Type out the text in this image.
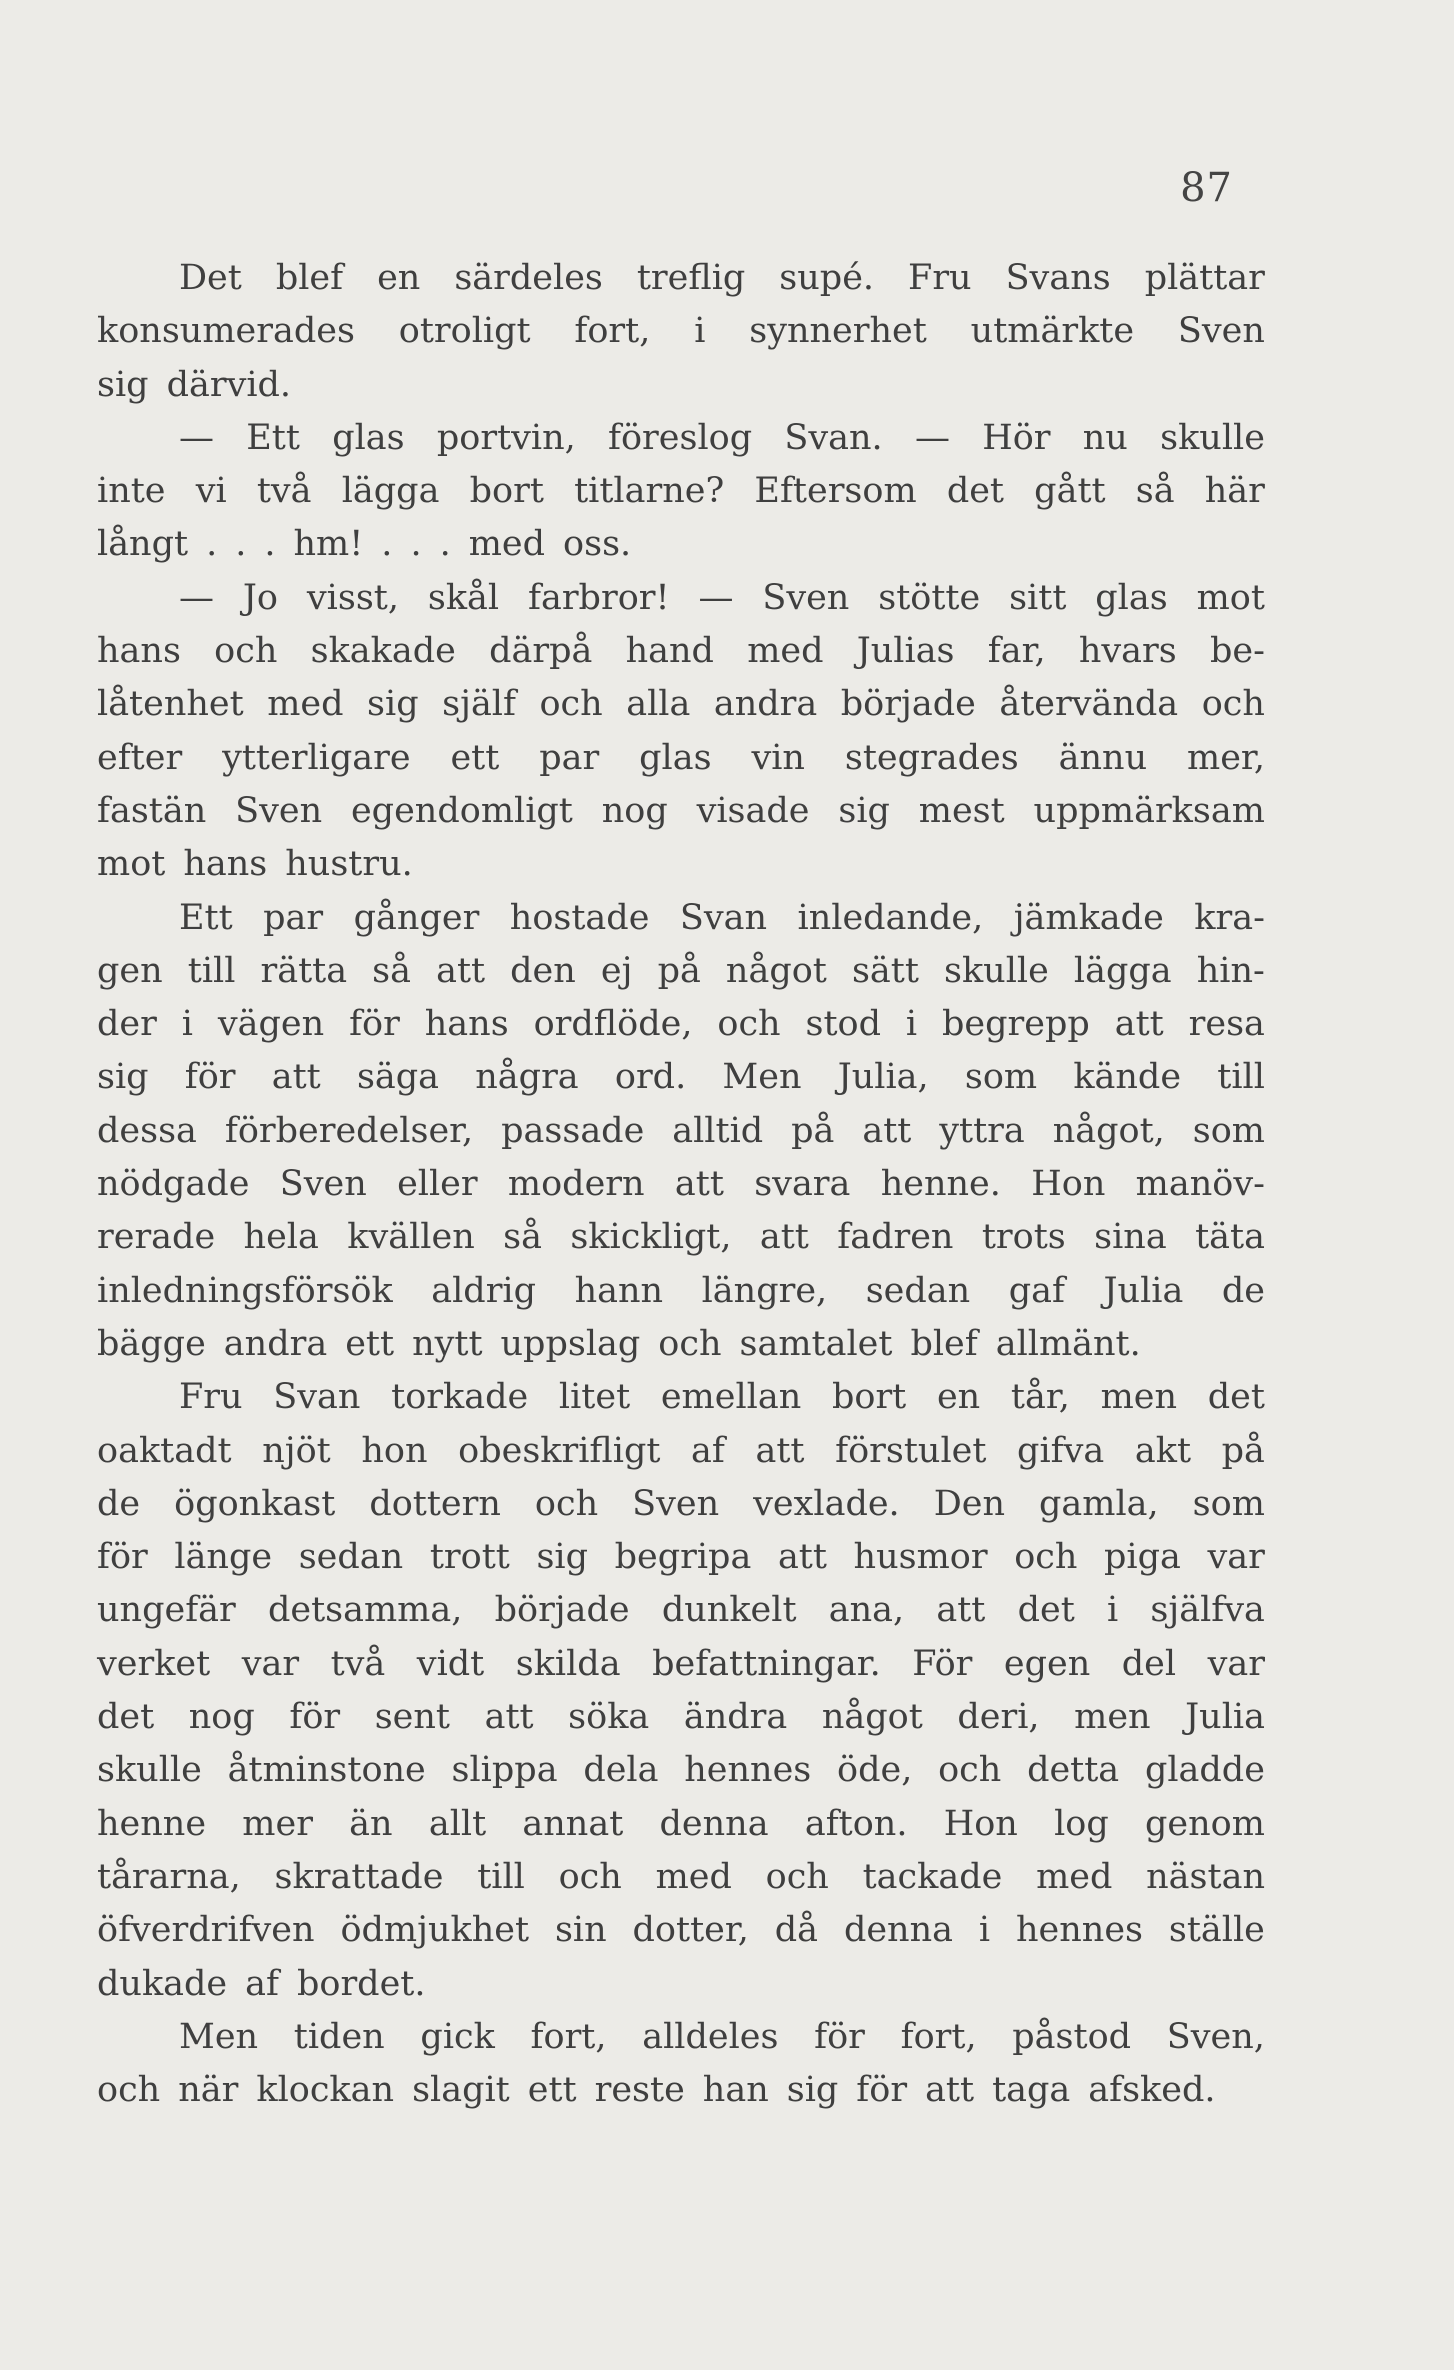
87
Det blef en särdeles treflig supé. Fru Svans plättar
konsumerades otroligt fort, i synnerhet utmärkte Sven
sig därvid.
— Ett glas portvin, föreslog Svan. — Hör nu skulle
inte vi två lägga bort titlarne? Eftersom det gått så här
långt . . . hm! . . . med oss.
— Jo visst, skål farbror! — Sven stötte sitt glas mot
hans och skakade därpå hand med Julias far, hvars be-
låtenhet med sig själf och alla andra började återvända och
efter ytterligare ett par glas vin stegrades ännu mer,
fastän Sven egendomligt nog visade sig mest uppmärksam
mot hans hustru.
Ett par gånger hostade Svan inledande, jämkade kra-
gen till rätta så att den ej på något sätt skulle lägga hin-
der i vägen för hans ordflöde, och stod i begrepp att resa
sig för att säga några ord. Men Julia, som kände till
dessa förberedelser, passade alltid på att yttra något, som
nödgade Sven eller modern att svara henne. Hon manöv-
rerade hela kvällen så skickligt, att fadren trots sina täta
inledningsförsök aldrig hann längre, sedan gaf Julia de
bägge andra ett nytt uppslag och samtalet blef allmänt.
Fru Svan torkade litet emellan bort en tår, men det
oaktadt njöt hon obeskrifligt af att förstulet gifva akt på
de ögonkast dottern och Sven vexlade. Den gamla, som
för länge sedan trott sig begripa att husmor och piga var
ungefär detsamma, började dunkelt ana, att det i själfva
verket var två vidt skilda befattningar. För egen del var
det nog för sent att söka ändra något deri, men Julia
skulle åtminstone slippa dela hennes öde, och detta gladde
henne mer än allt annat denna afton. Hon log genom
tårarna, skrattade till och med och tackade med nästan
öfverdrifven ödmjukhet sin dotter, då denna i hennes ställe
dukade af bordet.
Men tiden gick fort, alldeles för fort, påstod Sven,
och när klockan slagit ett reste han sig för att taga afsked.
